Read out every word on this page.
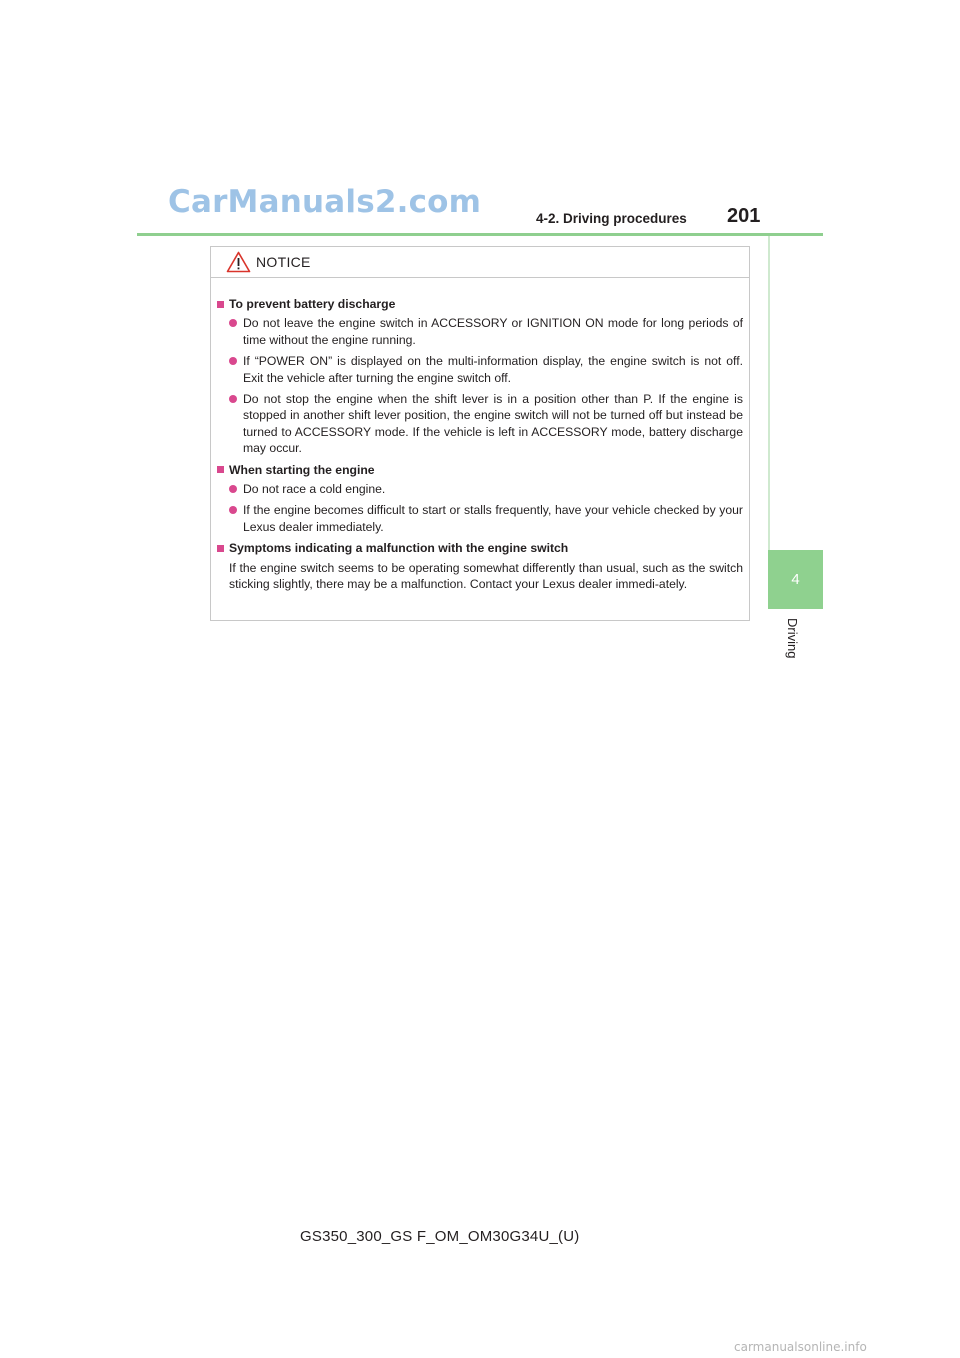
CarManuals2.com	4-2. Driving procedures 201
4
Driving
NOTICE
To prevent battery discharge
Do not leave the engine switch in ACCESSORY or IGNITION ON mode for long periods of time without the engine running.
If “POWER ON” is displayed on the multi-information display, the engine switch is not off. Exit the vehicle after turning the engine switch off.
Do not stop the engine when the shift lever is in a position other than P. If the engine is stopped in another shift lever position, the engine switch will not be turned off but instead be turned to ACCESSORY mode. If the vehicle is left in ACCESSORY mode, battery discharge may occur.
When starting the engine
Do not race a cold engine.
If the engine becomes difficult to start or stalls frequently, have your vehicle checked by your Lexus dealer immediately.
Symptoms indicating a malfunction with the engine switch
If the engine switch seems to be operating somewhat differently than usual, such as the switch sticking slightly, there may be a malfunction. Contact your Lexus dealer immedi-ately.
GS350_300_GS F_OM_OM30G34U_(U)
carmanualsonline.info
